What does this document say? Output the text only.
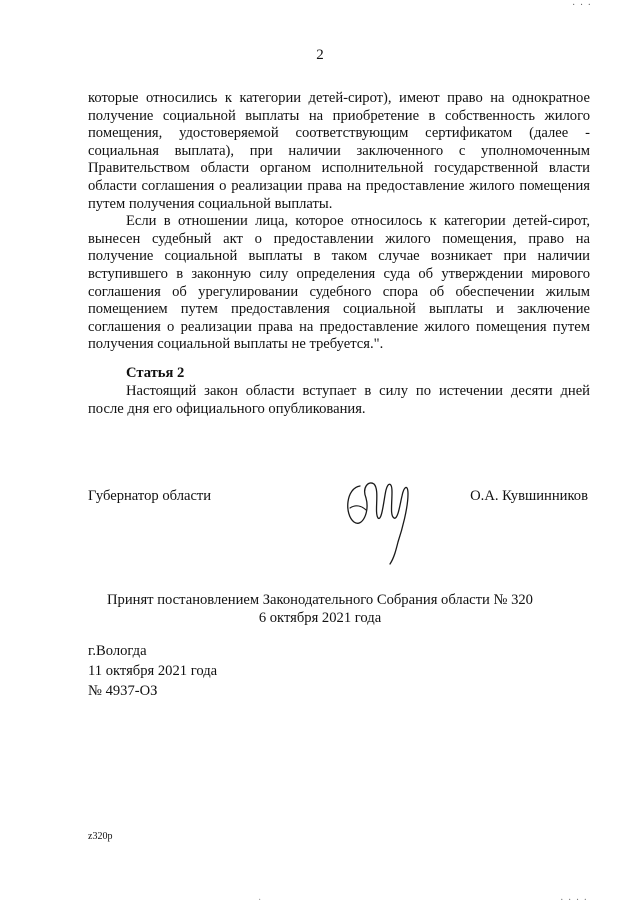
· · ·
2

которые относились к категории детей-сирот), имеют право на однократное получение социальной выплаты на приобретение в собственность жилого помещения, удостоверяемой соответствующим сертификатом (далее - социальная выплата), при наличии заключенного с уполномоченным Правительством области органом исполнительной государственной власти области соглашения о реализации права на предоставление жилого помещения путем получения социальной выплаты.

Если в отношении лица, которое относилось к категории детей-сирот, вынесен судебный акт о предоставлении жилого помещения, право на получение социальной выплаты в таком случае возникает при наличии вступившего в законную силу определения суда об утверждении мирового соглашения об урегулировании судебного спора об обеспечении жилым помещением путем предоставления социальной выплаты и заключение соглашения о реализации права на предоставление жилого помещения путем получения социальной выплаты не требуется.".

Статья 2
Настоящий закон области вступает в силу по истечении десяти дней после дня его официального опубликования.
Губернатор области	О.А. Кувшинников
Принят постановлением Законодательного Собрания области № 320
6 октября 2021 года
г.Вологда
11 октября 2021 года
№ 4937-ОЗ
z320p
·	· · · ·
